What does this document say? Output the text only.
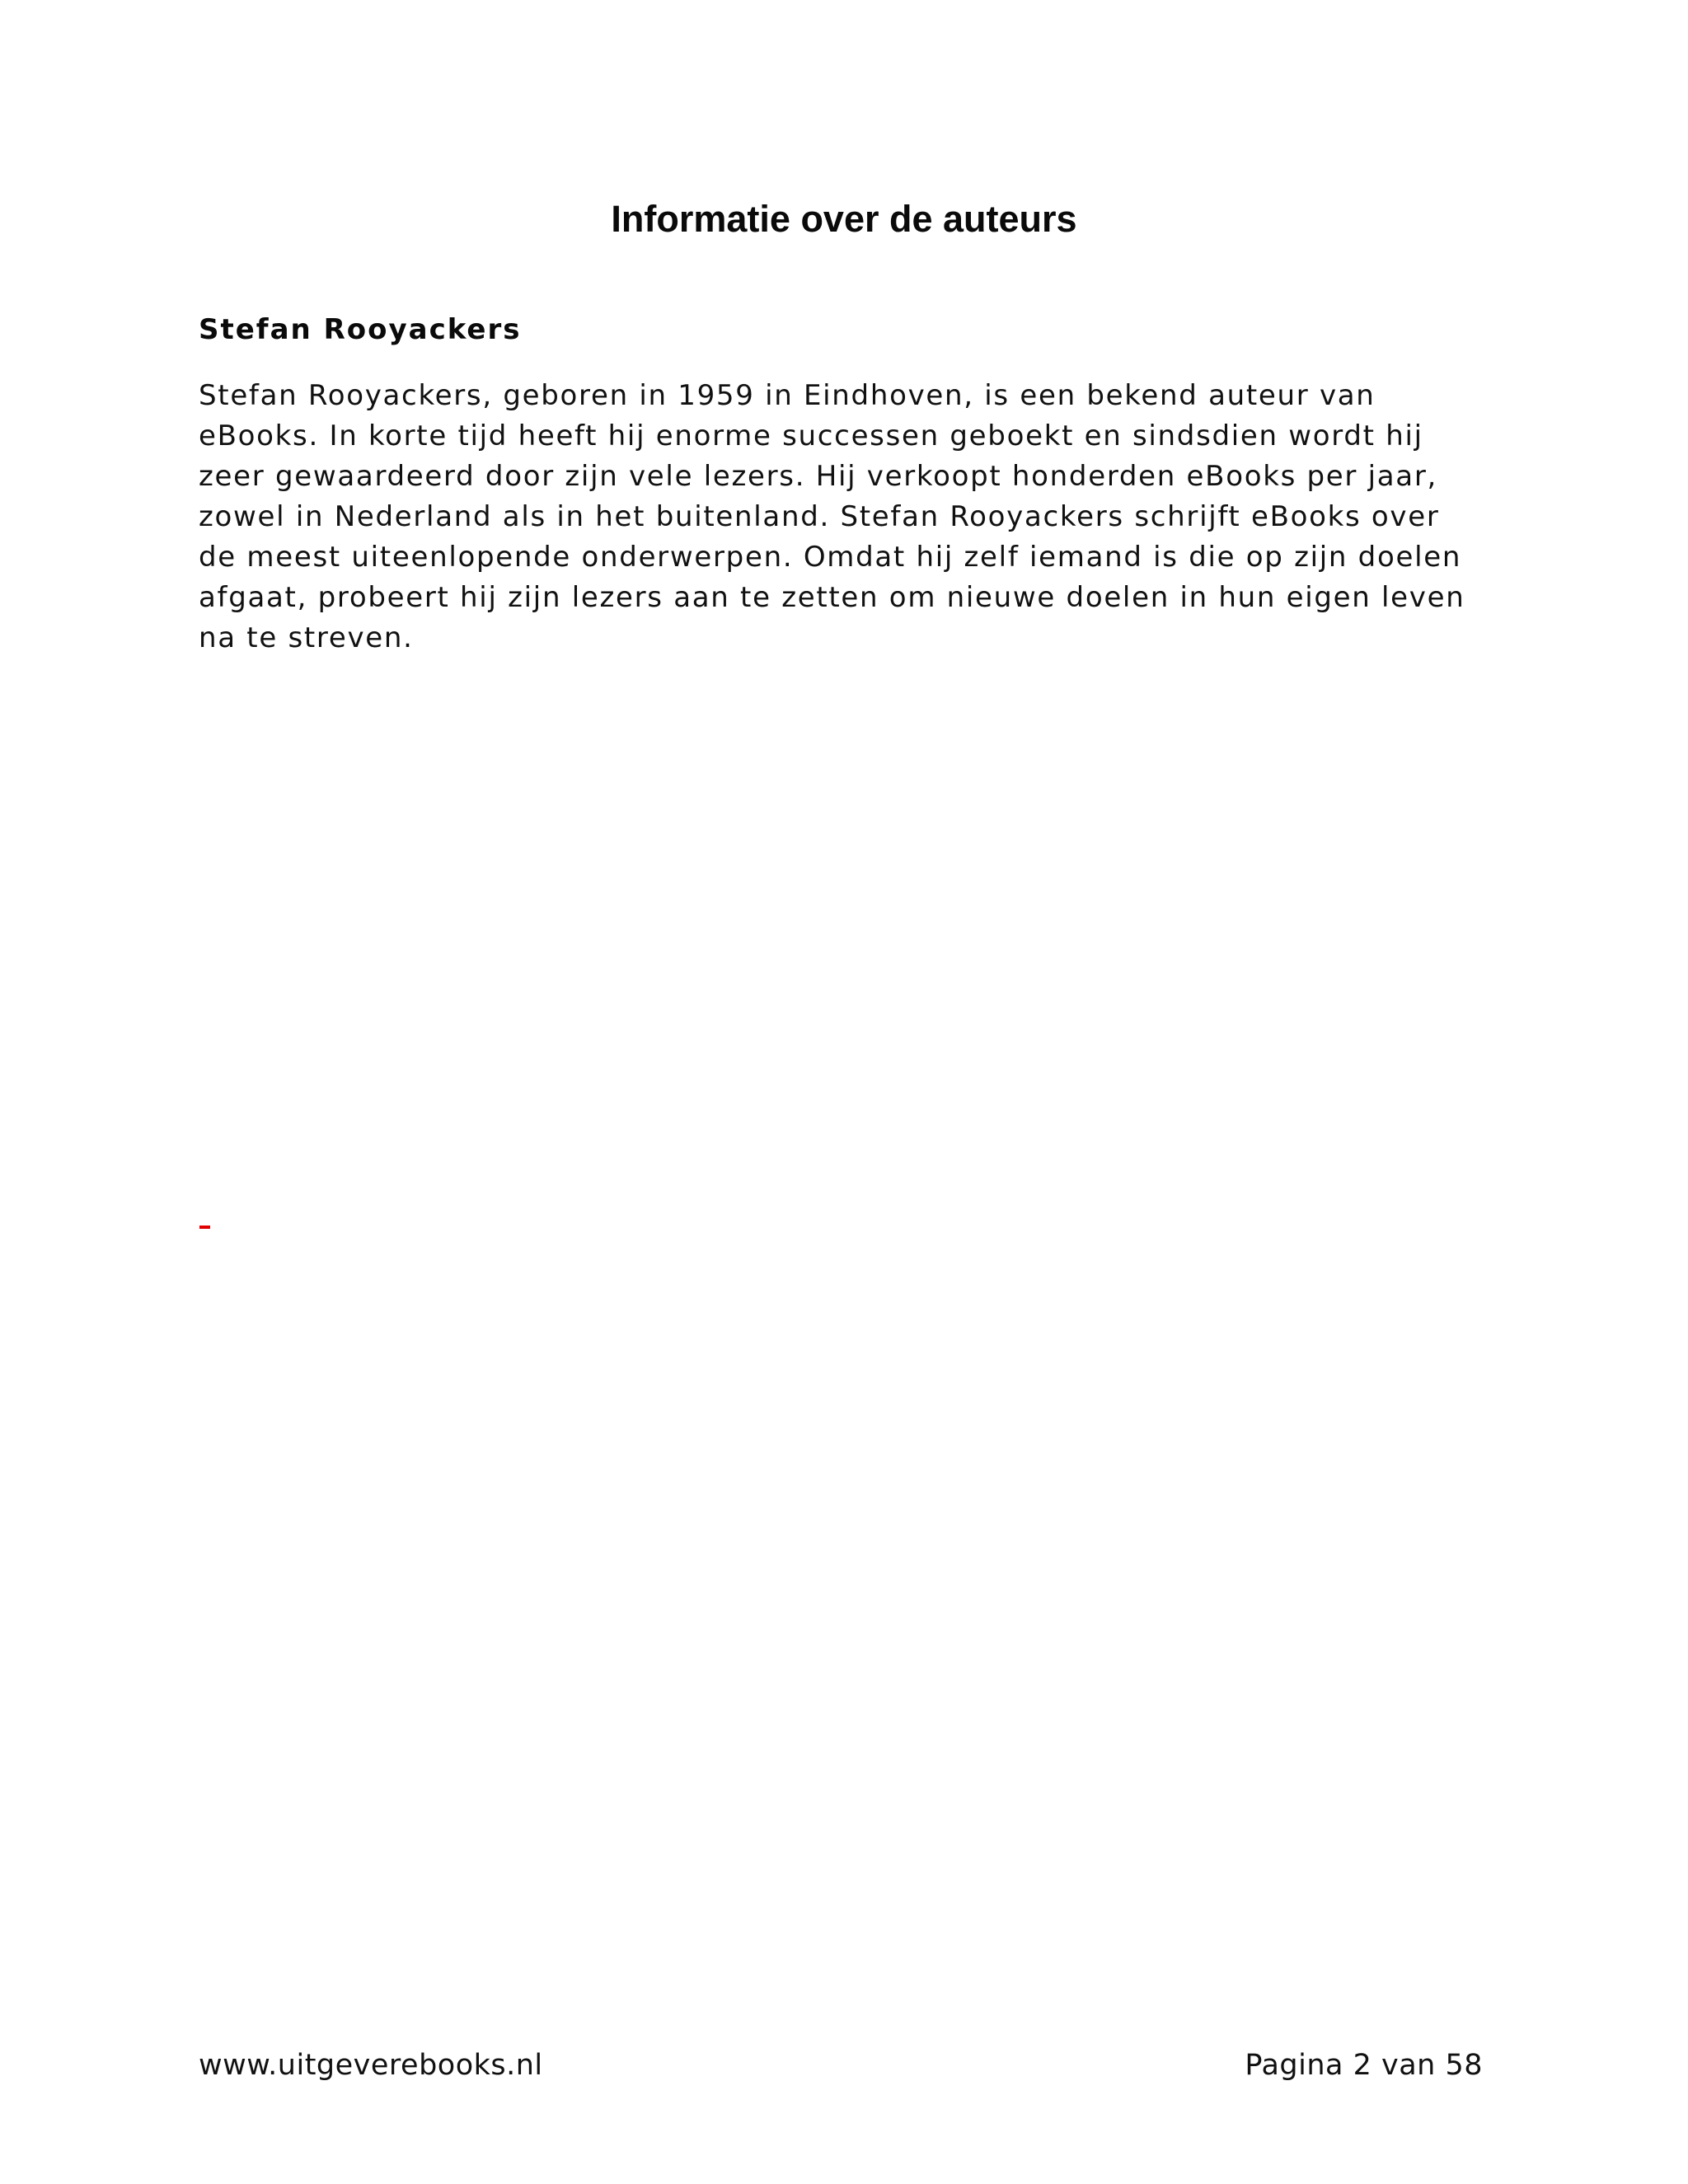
Informatie over de auteurs
Stefan Rooyackers

Stefan Rooyackers, geboren in 1959 in Eindhoven, is een bekend auteur van
eBooks. In korte tijd heeft hij enorme successen geboekt en sindsdien wordt hij
zeer gewaardeerd door zijn vele lezers. Hij verkoopt honderden eBooks per jaar,
zowel in Nederland als in het buitenland. Stefan Rooyackers schrijft eBooks over
de meest uiteenlopende onderwerpen. Omdat hij zelf iemand is die op zijn doelen
afgaat, probeert hij zijn lezers aan te zetten om nieuwe doelen in hun eigen leven
na te streven.

www.uitgeverebooks.nl	Pagina 2 van 58
